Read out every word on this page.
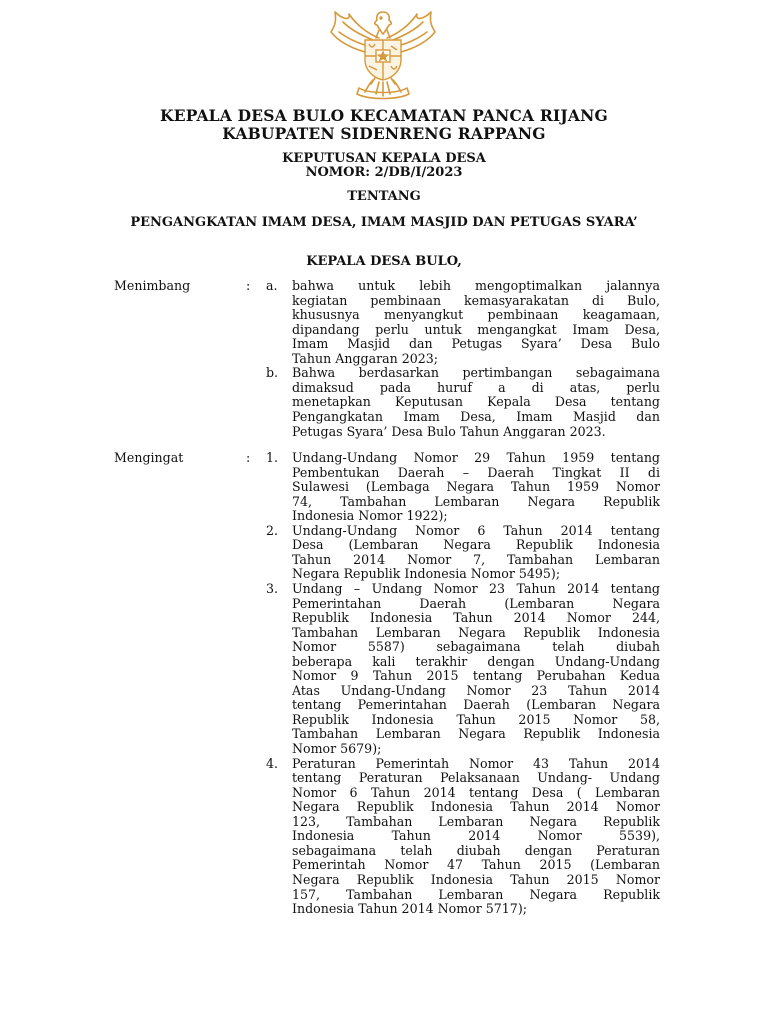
KEPALA DESA BULO KECAMATAN PANCA RIJANG
KABUPATEN SIDENRENG RAPPANG
KEPUTUSAN KEPALA DESA
NOMOR: 2/DB/I/2023
TENTANG
PENGANGKATAN IMAM DESA, IMAM MASJID DAN PETUGAS SYARA’
KEPALA DESA BULO,
Menimbang	: a. bahwa untuk lebih mengoptimalkan jalannya
kegiatan pembinaan kemasyarakatan di Bulo,
khususnya menyangkut pembinaan keagamaan,
dipandang perlu untuk mengangkat Imam Desa,
Imam Masjid dan Petugas Syara’ Desa Bulo
Tahun Anggaran 2023;
b. Bahwa berdasarkan pertimbangan sebagaimana
dimaksud pada huruf a di atas, perlu
menetapkan Keputusan Kepala Desa tentang
Pengangkatan Imam Desa, Imam Masjid dan
Petugas Syara’ Desa Bulo Tahun Anggaran 2023.
Mengingat	: 1. Undang-Undang Nomor 29 Tahun 1959 tentang
Pembentukan Daerah – Daerah Tingkat II di
Sulawesi (Lembaga Negara Tahun 1959 Nomor
74, Tambahan Lembaran Negara Republik
Indonesia Nomor 1922);
2. Undang-Undang Nomor 6 Tahun 2014 tentang
Desa (Lembaran Negara Republik Indonesia
Tahun 2014 Nomor 7, Tambahan Lembaran
Negara Republik Indonesia Nomor 5495);
3. Undang – Undang Nomor 23 Tahun 2014 tentang
Pemerintahan Daerah (Lembaran Negara
Republik Indonesia Tahun 2014 Nomor 244,
Tambahan Lembaran Negara Republik Indonesia
Nomor 5587) sebagaimana telah diubah
beberapa kali terakhir dengan Undang-Undang
Nomor 9 Tahun 2015 tentang Perubahan Kedua
Atas Undang-Undang Nomor 23 Tahun 2014
tentang Pemerintahan Daerah (Lembaran Negara
Republik Indonesia Tahun 2015 Nomor 58,
Tambahan Lembaran Negara Republik Indonesia
Nomor 5679);
4. Peraturan Pemerintah Nomor 43 Tahun 2014
tentang Peraturan Pelaksanaan Undang- Undang
Nomor 6 Tahun 2014 tentang Desa ( Lembaran
Negara Republik Indonesia Tahun 2014 Nomor
123, Tambahan Lembaran Negara Republik
Indonesia Tahun 2014 Nomor 5539),
sebagaimana telah diubah dengan Peraturan
Pemerintah Nomor 47 Tahun 2015 (Lembaran
Negara Republik Indonesia Tahun 2015 Nomor
157, Tambahan Lembaran Negara Republik
Indonesia Tahun 2014 Nomor 5717);
